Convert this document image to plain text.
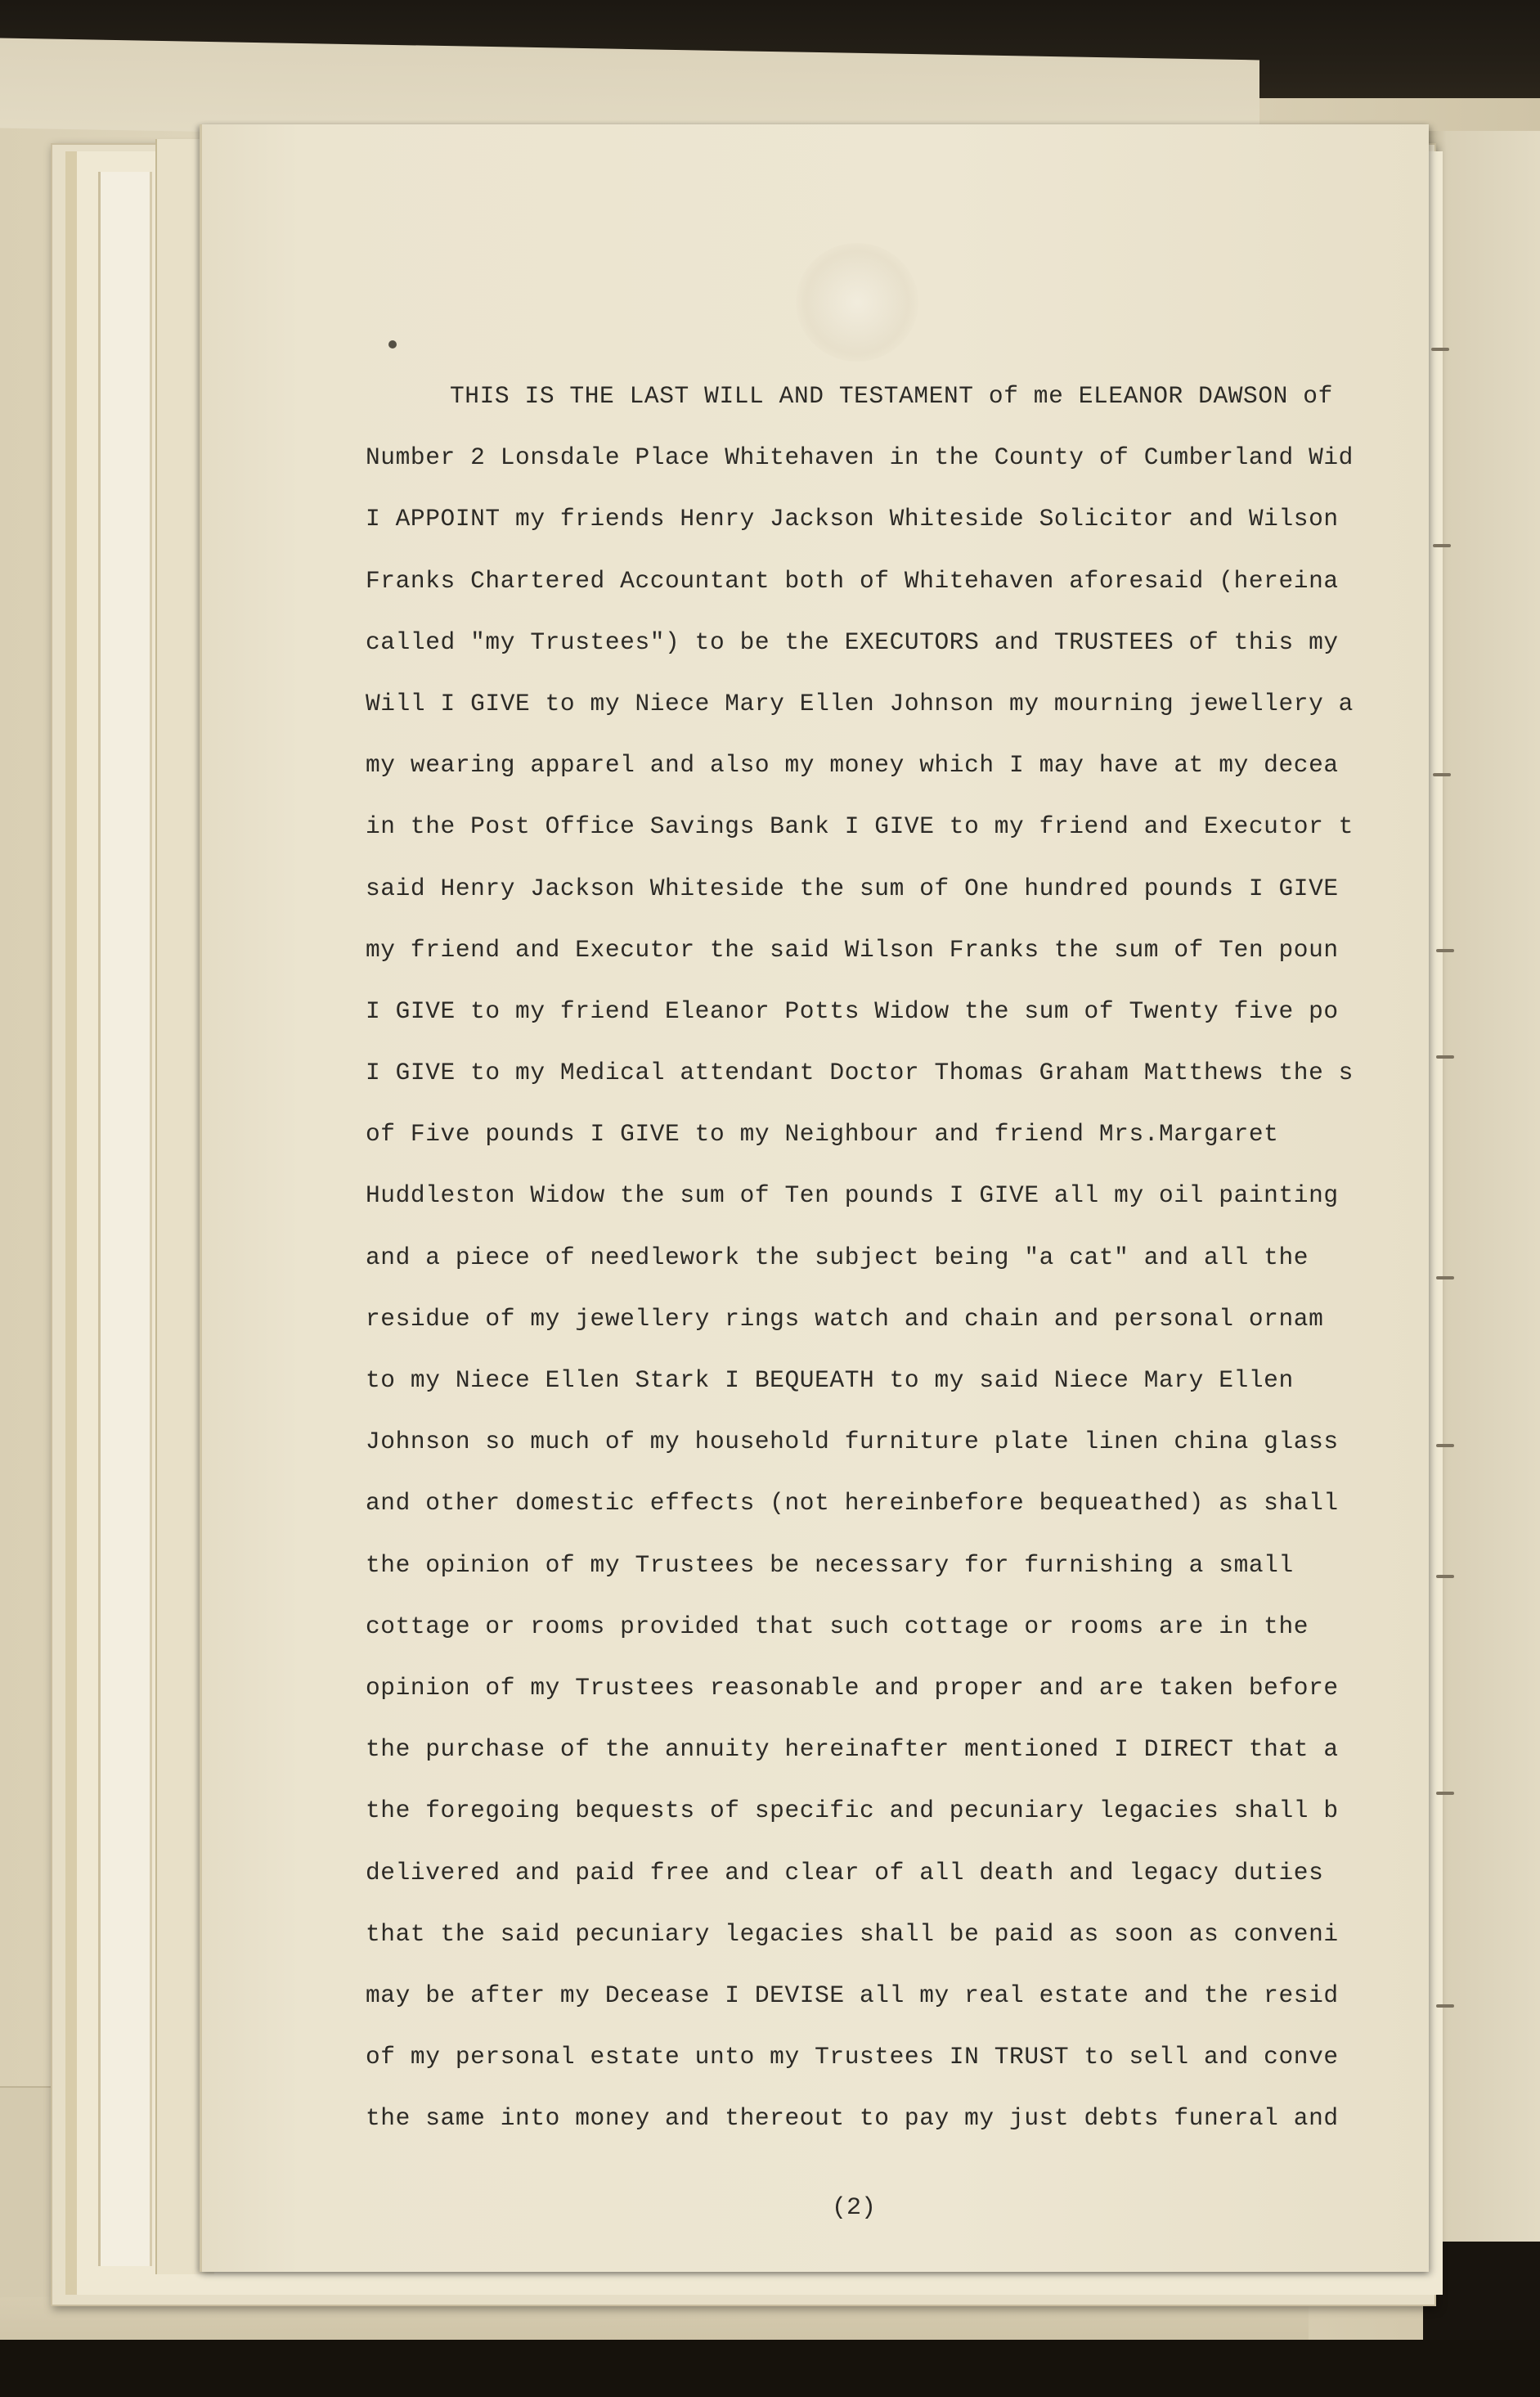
THIS IS THE LAST WILL AND TESTAMENT of me ELEANOR DAWSON of
Number 2 Lonsdale Place Whitehaven in the County of Cumberland Wid
I APPOINT my friends Henry Jackson Whiteside Solicitor and Wilson
Franks Chartered Accountant both of Whitehaven aforesaid (hereina
called "my Trustees") to be the EXECUTORS and TRUSTEES of this my
Will I GIVE to my Niece Mary Ellen Johnson my mourning jewellery a
my wearing apparel and also my money which I may have at my decea
in the Post Office Savings Bank I GIVE to my friend and Executor t
said Henry Jackson Whiteside the sum of One hundred pounds I GIVE
my friend and Executor the said Wilson Franks the sum of Ten poun
I GIVE to my friend Eleanor Potts Widow the sum of Twenty five po
I GIVE to my Medical attendant Doctor Thomas Graham Matthews the s
of Five pounds I GIVE to my Neighbour and friend Mrs.Margaret
Huddleston Widow the sum of Ten pounds I GIVE all my oil painting
and a piece of needlework the subject being "a cat" and all the
residue of my jewellery rings watch and chain and personal ornam
to my Niece Ellen Stark I BEQUEATH to my said Niece Mary Ellen
Johnson so much of my household furniture plate linen china glass
and other domestic effects (not hereinbefore bequeathed) as shall
the opinion of my Trustees be necessary for furnishing a small
cottage or rooms provided that such cottage or rooms are in the
opinion of my Trustees reasonable and proper and are taken before
the purchase of the annuity hereinafter mentioned I DIRECT that a
the foregoing bequests of specific and pecuniary legacies shall b
delivered and paid free and clear of all death and legacy duties
that the said pecuniary legacies shall be paid as soon as conveni
may be after my Decease I DEVISE all my real estate and the resid
of my personal estate unto my Trustees IN TRUST to sell and conve
the same into money and thereout to pay my just debts funeral and
(2)
